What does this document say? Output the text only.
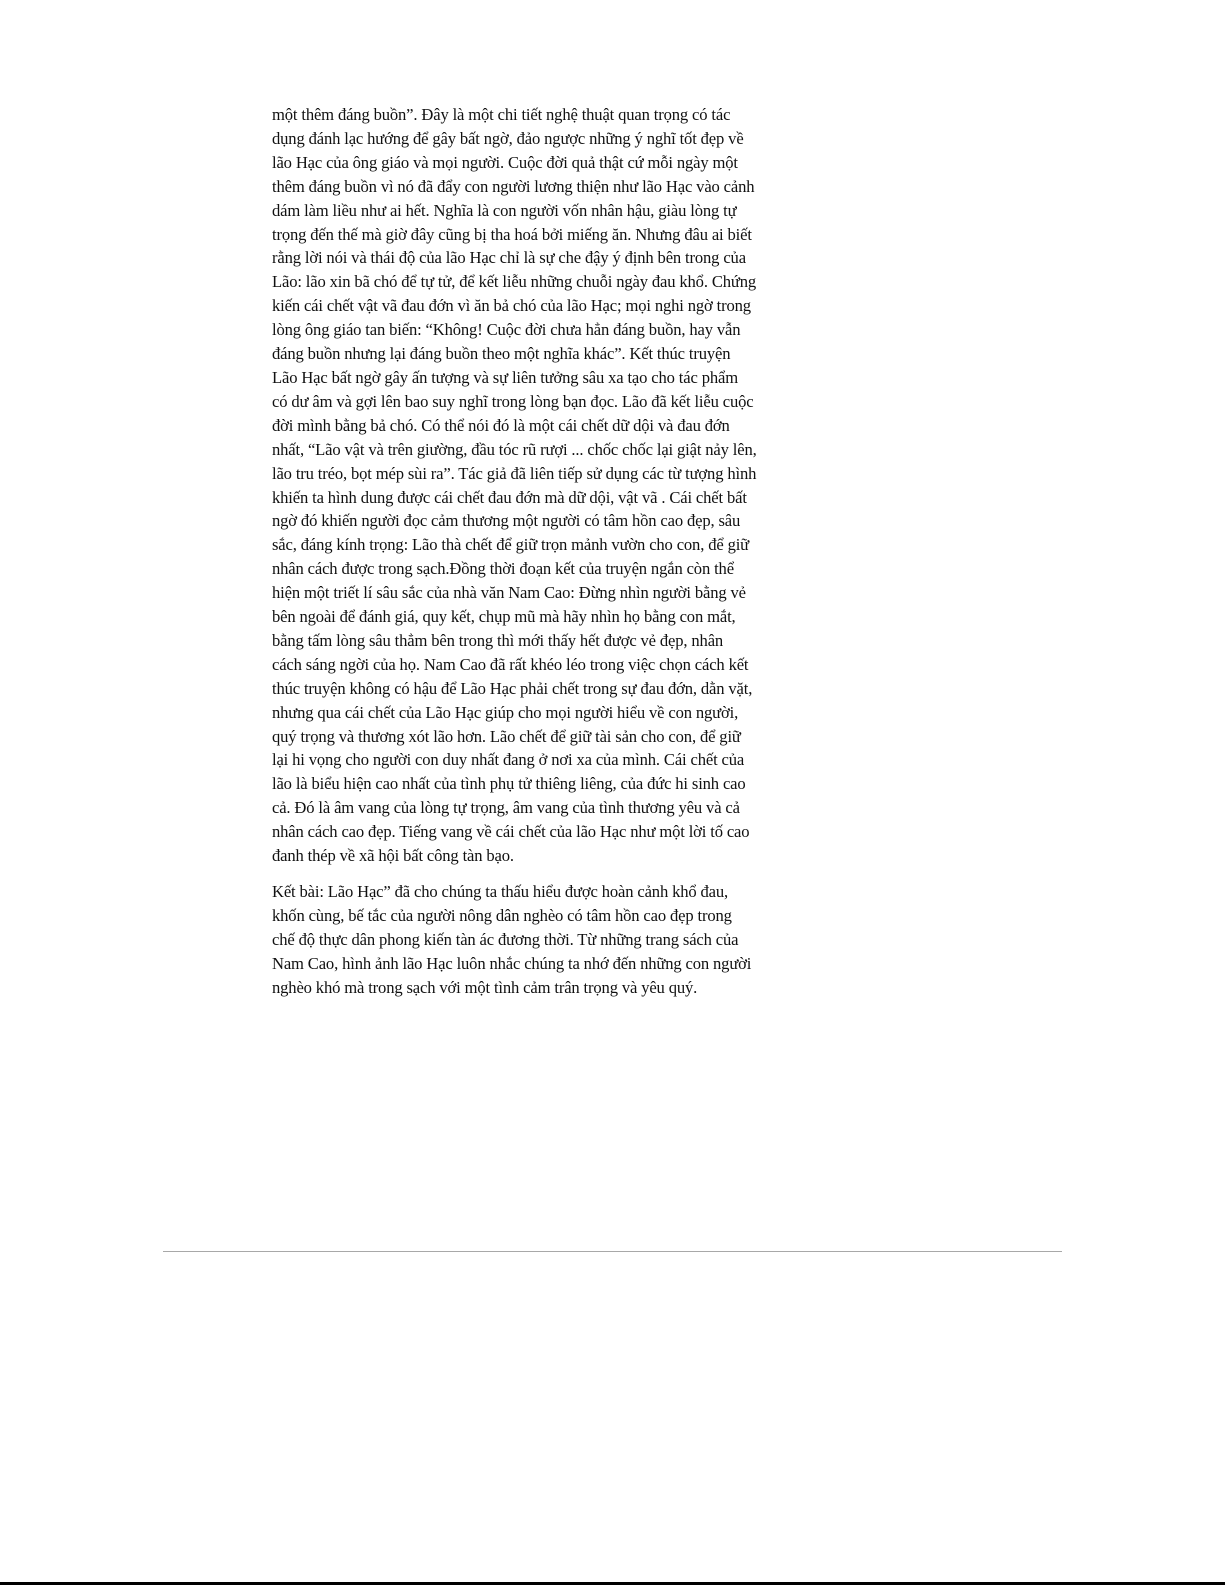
một thêm đáng buồn”. Đây là một chi tiết nghệ thuật quan trọng có tác
dụng đánh lạc hướng để gây bất ngờ, đảo ngược những ý nghĩ tốt đẹp về
lão Hạc của ông giáo và mọi người. Cuộc đời quả thật cứ mỗi ngày một
thêm đáng buồn vì nó đã đẩy con người lương thiện như lão Hạc vào cảnh
dám làm liều như ai hết. Nghĩa là con người vốn nhân hậu, giàu lòng tự
trọng đến thế mà giờ đây cũng bị tha hoá bởi miếng ăn. Nhưng đâu ai biết
rằng lời nói và thái độ của lão Hạc chỉ là sự che đậy ý định bên trong của
Lão: lão xin bã chó để tự tử, để kết liễu những chuỗi ngày đau khổ. Chứng
kiến cái chết vật vã đau đớn vì ăn bả chó của lão Hạc; mọi nghi ngờ trong
lòng ông giáo tan biến: “Không! Cuộc đời chưa hẳn đáng buồn, hay vẫn
đáng buồn nhưng lại đáng buồn theo một nghĩa khác”. Kết thúc truyện
Lão Hạc bất ngờ gây ấn tượng và sự liên tưởng sâu xa tạo cho tác phẩm
có dư âm và gợi lên bao suy nghĩ trong lòng bạn đọc. Lão đã kết liễu cuộc
đời mình bằng bả chó. Có thể nói đó là một cái chết dữ dội và đau đớn
nhất, “Lão vật và trên giường, đầu tóc rũ rượi ... chốc chốc lại giật nảy lên,
lão tru tréo, bọt mép sùi ra”. Tác giả đã liên tiếp sử dụng các từ tượng hình
khiến ta hình dung được cái chết đau đớn mà dữ dội, vật vã . Cái chết bất
ngờ đó khiến người đọc cảm thương một người có tâm hồn cao đẹp, sâu
sắc, đáng kính trọng: Lão thà chết để giữ trọn mảnh vườn cho con, để giữ
nhân cách được trong sạch.Đồng thời đoạn kết của truyện ngắn còn thể
hiện một triết lí sâu sắc của nhà văn Nam Cao: Đừng nhìn người bằng vẻ
bên ngoài để đánh giá, quy kết, chụp mũ mà hãy nhìn họ bằng con mắt,
bằng tấm lòng sâu thẳm bên trong thì mới thấy hết được vẻ đẹp, nhân
cách sáng ngời của họ. Nam Cao đã rất khéo léo trong việc chọn cách kết
thúc truyện không có hậu để Lão Hạc phải chết trong sự đau đớn, dằn vặt,
nhưng qua cái chết của Lão Hạc giúp cho mọi người hiểu về con người,
quý trọng và thương xót lão hơn. Lão chết để giữ tài sản cho con, để giữ
lại hi vọng cho người con duy nhất đang ở nơi xa của mình. Cái chết của
lão là biểu hiện cao nhất của tình phụ tử thiêng liêng, của đức hi sinh cao
cả. Đó là âm vang của lòng tự trọng, âm vang của tình thương yêu và cả
nhân cách cao đẹp. Tiếng vang về cái chết của lão Hạc như một lời tố cao
đanh thép về xã hội bất công tàn bạo.
Kết bài: Lão Hạc” đã cho chúng ta thấu hiểu được hoàn cảnh khổ đau,
khốn cùng, bế tắc của người nông dân nghèo có tâm hồn cao đẹp trong
chế độ thực dân phong kiến tàn ác đương thời. Từ những trang sách của
Nam Cao, hình ảnh lão Hạc luôn nhắc chúng ta nhớ đến những con người
nghèo khó mà trong sạch với một tình cảm trân trọng và yêu quý.
